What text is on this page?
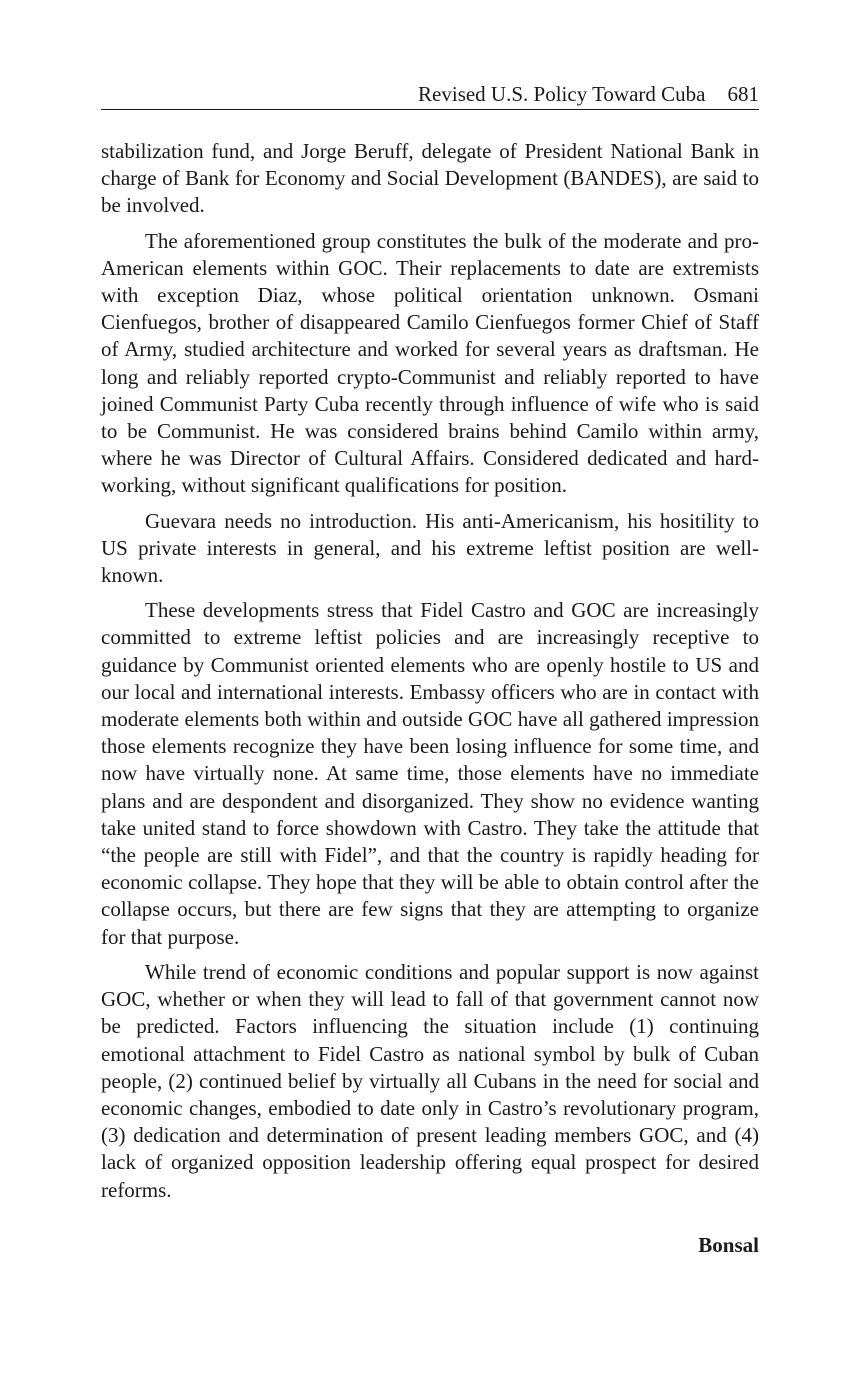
Revised U.S. Policy Toward Cuba 681

stabilization fund, and Jorge Beruff, delegate of President National Bank in charge of Bank for Economy and Social Development (BANDES), are said to be involved.

The aforementioned group constitutes the bulk of the moderate and pro-American elements within GOC. Their replacements to date are extremists with exception Diaz, whose political orientation unknown. Osmani Cienfuegos, brother of disappeared Camilo Cienfuegos former Chief of Staff of Army, studied architecture and worked for several years as draftsman. He long and reliably reported crypto-Communist and reliably reported to have joined Communist Party Cuba recently through influence of wife who is said to be Communist. He was considered brains behind Camilo within army, where he was Director of Cultural Affairs. Considered dedicated and hard-working, without significant qualifications for position.

Guevara needs no introduction. His anti-Americanism, his hositility to US private interests in general, and his extreme leftist position are well-known.

These developments stress that Fidel Castro and GOC are increasingly committed to extreme leftist policies and are increasingly receptive to guidance by Communist oriented elements who are openly hostile to US and our local and international interests. Embassy officers who are in contact with moderate elements both within and outside GOC have all gathered impression those elements recognize they have been losing influence for some time, and now have virtually none. At same time, those elements have no immediate plans and are despondent and disorganized. They show no evidence wanting take united stand to force showdown with Castro. They take the attitude that “the people are still with Fidel”, and that the country is rapidly heading for economic collapse. They hope that they will be able to obtain control after the collapse occurs, but there are few signs that they are attempting to organize for that purpose.

While trend of economic conditions and popular support is now against GOC, whether or when they will lead to fall of that government cannot now be predicted. Factors influencing the situation include (1) continuing emotional attachment to Fidel Castro as national symbol by bulk of Cuban people, (2) continued belief by virtually all Cubans in the need for social and economic changes, embodied to date only in Castro’s revolutionary program, (3) dedication and determination of present leading members GOC, and (4) lack of organized opposition leadership offering equal prospect for desired reforms.

Bonsal
